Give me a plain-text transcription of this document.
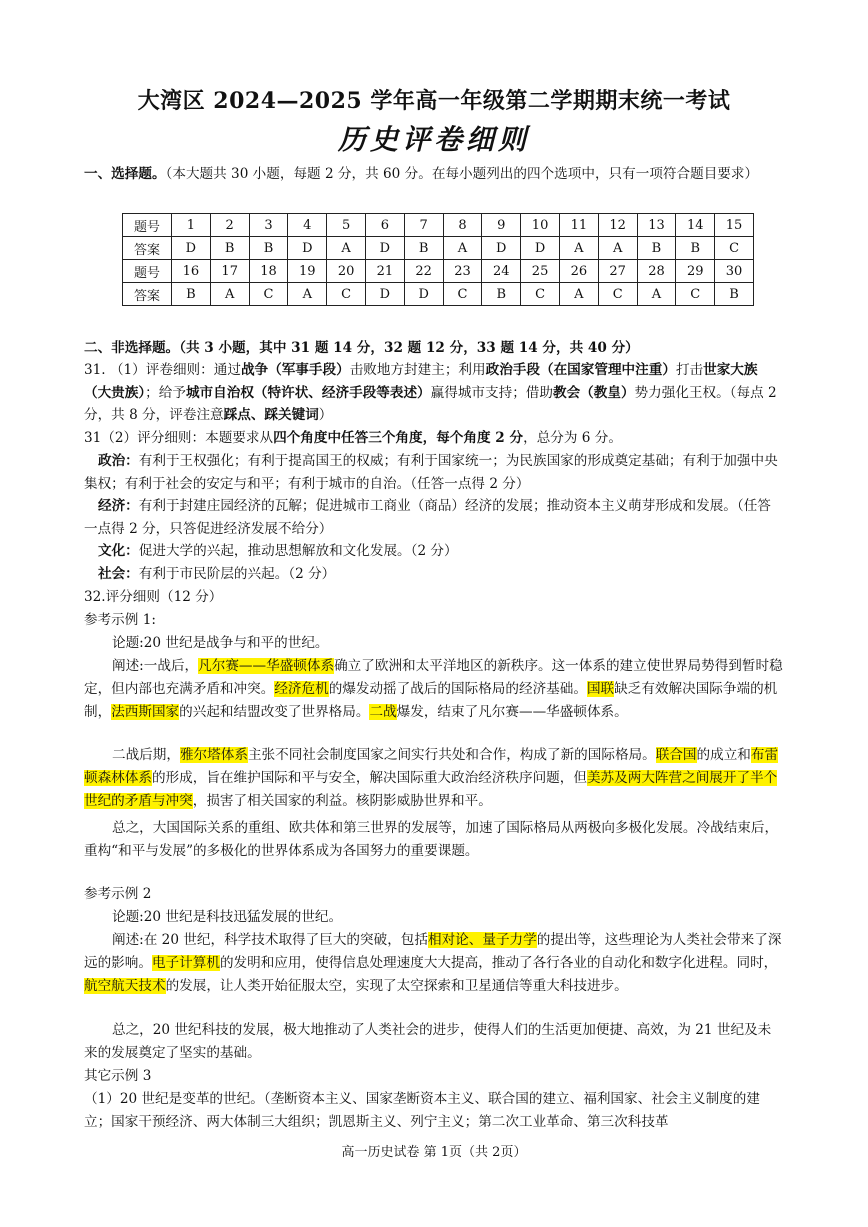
大湾区 2024—2025 学年高一年级第二学期期末统一考试
历史评卷细则
一、选择题。（本大题共 30 小题，每题 2 分，共 60 分。在每小题列出的四个选项中，只有一项符合题目要求）
题号	1	2	3	4	5	6	7	8	9	10	11	12	13	14	15
答案	D	B	B	D	A	D	B	A	D	D	A	A	B	B	C
题号	16	17	18	19	20	21	22	23	24	25	26	27	28	29	30
答案	B	A	C	A	C	D	D	C	B	C	A	C	A	C	B
二、非选择题。（共 3 小题，其中 31 题 14 分，32 题 12 分，33 题 14 分，共 40 分）
31. （1）评卷细则：通过战争（军事手段）击败地方封建主；利用政治手段（在国家管理中注重）打击世家大族（大贵族）；给予城市自治权（特许状、经济手段等表述）赢得城市支持；借助教会（教皇）势力强化王权。（每点 2 分，共 8 分，评卷注意踩点、踩关键词）
31（2）评分细则：本题要求从四个角度中任答三个角度，每个角度 2 分，总分为 6 分。
政治：有利于王权强化；有利于提高国王的权威；有利于国家统一；为民族国家的形成奠定基础；有利于加强中央集权；有利于社会的安定与和平；有利于城市的自治。（任答一点得 2 分）
经济：有利于封建庄园经济的瓦解；促进城市工商业（商品）经济的发展；推动资本主义萌芽形成和发展。（任答一点得 2 分，只答促进经济发展不给分）
文化：促进大学的兴起，推动思想解放和文化发展。（2 分）
社会：有利于市民阶层的兴起。（2 分）
32.评分细则（12 分）
参考示例 1:
论题:20 世纪是战争与和平的世纪。
阐述:一战后，凡尔赛——华盛顿体系确立了欧洲和太平洋地区的新秩序。这一体系的建立使世界局势得到暂时稳定，但内部也充满矛盾和冲突。经济危机的爆发动摇了战后的国际格局的经济基础。国联缺乏有效解决国际争端的机制，法西斯国家的兴起和结盟改变了世界格局。二战爆发，结束了凡尔赛——华盛顿体系。
二战后期，雅尔塔体系主张不同社会制度国家之间实行共处和合作，构成了新的国际格局。联合国的成立和布雷顿森林体系的形成，旨在维护国际和平与安全，解决国际重大政治经济秩序问题，但美苏及两大阵营之间展开了半个世纪的矛盾与冲突，损害了相关国家的利益。核阴影威胁世界和平。
总之，大国国际关系的重组、欧共体和第三世界的发展等，加速了国际格局从两极向多极化发展。冷战结束后，重构“和平与发展”的多极化的世界体系成为各国努力的重要课题。
参考示例 2
论题:20 世纪是科技迅猛发展的世纪。
阐述:在 20 世纪，科学技术取得了巨大的突破，包括相对论、量子力学的提出等，这些理论为人类社会带来了深远的影响。电子计算机的发明和应用，使得信息处理速度大大提高，推动了各行各业的自动化和数字化进程。同时，航空航天技术的发展，让人类开始征服太空，实现了太空探索和卫星通信等重大科技进步。
总之，20 世纪科技的发展，极大地推动了人类社会的进步，使得人们的生活更加便捷、高效，为 21 世纪及未来的发展奠定了坚实的基础。
其它示例 3
（1）20 世纪是变革的世纪。（垄断资本主义、国家垄断资本主义、联合国的建立、福利国家、社会主义制度的建立；国家干预经济、两大体制三大组织；凯恩斯主义、列宁主义；第二次工业革命、第三次科技革
高一历史试卷 第 1页（共 2页）
